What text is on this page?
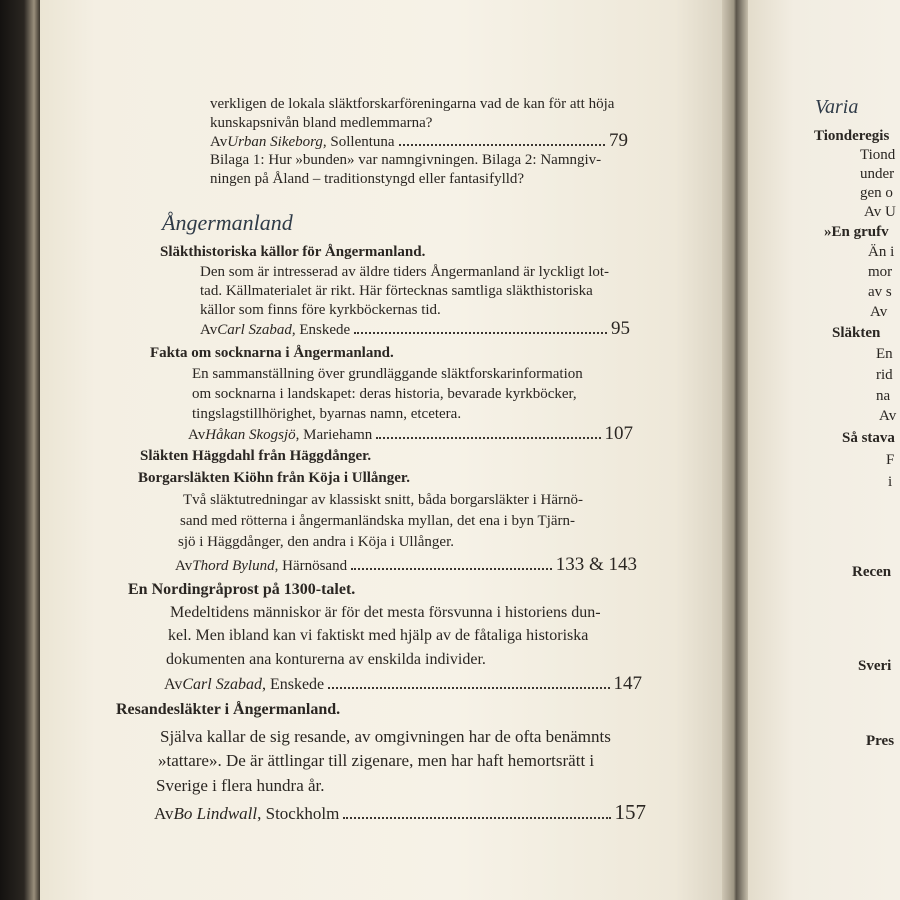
verkligen de lokala släktforskarföreningarna vad de kan för att höja
kunskapsnivån bland medlemmarna?
Av Urban Sikeborg , Sollentuna	79
Bilaga 1: Hur »bunden» var namngivningen. Bilaga 2: Namngiv-
ningen på Åland – traditionstyngd eller fantasifylld?
Ångermanland
Släkthistoriska källor för Ångermanland.
Den som är intresserad av äldre tiders Ångermanland är lyckligt lot-
tad. Källmaterialet är rikt. Här förtecknas samtliga släkthistoriska
källor som finns före kyrkböckernas tid.
Av Carl Szabad , Enskede	95
Fakta om socknarna i Ångermanland.
En sammanställning över grundläggande släktforskarinformation
om socknarna i landskapet: deras historia, bevarade kyrkböcker,
tingslagstillhörighet, byarnas namn, etcetera.
Av Håkan Skogsjö , Mariehamn	107
Släkten Häggdahl från Häggdånger.
Borgarsläkten Kiöhn från Köja i Ullånger.
Två släktutredningar av klassiskt snitt, båda borgarsläkter i Härnö-
sand med rötterna i ångermanländska myllan, det ena i byn Tjärn-
sjö i Häggdånger, den andra i Köja i Ullånger.
Av Thord Bylund , Härnösand	133 & 143
En Nordingråprost på 1300-talet.
Medeltidens människor är för det mesta försvunna i historiens dun-
kel. Men ibland kan vi faktiskt med hjälp av de fåtaliga historiska
dokumenten ana konturerna av enskilda individer.
Av Carl Szabad , Enskede	147
Resandesläkter i Ångermanland.
Själva kallar de sig resande, av omgivningen har de ofta benämnts
»tattare». De är ättlingar till zigenare, men har haft hemortsrätt i
Sverige i flera hundra år.
Av Bo Lindwall , Stockholm	157
Varia
Tionderegis
Tiond
under
gen o
Av U
»En grufv
Än i
mor
av s
Av
Släkten
En
rid
na
Av
Så stava
F
i
Recen
Sveri
Pres
